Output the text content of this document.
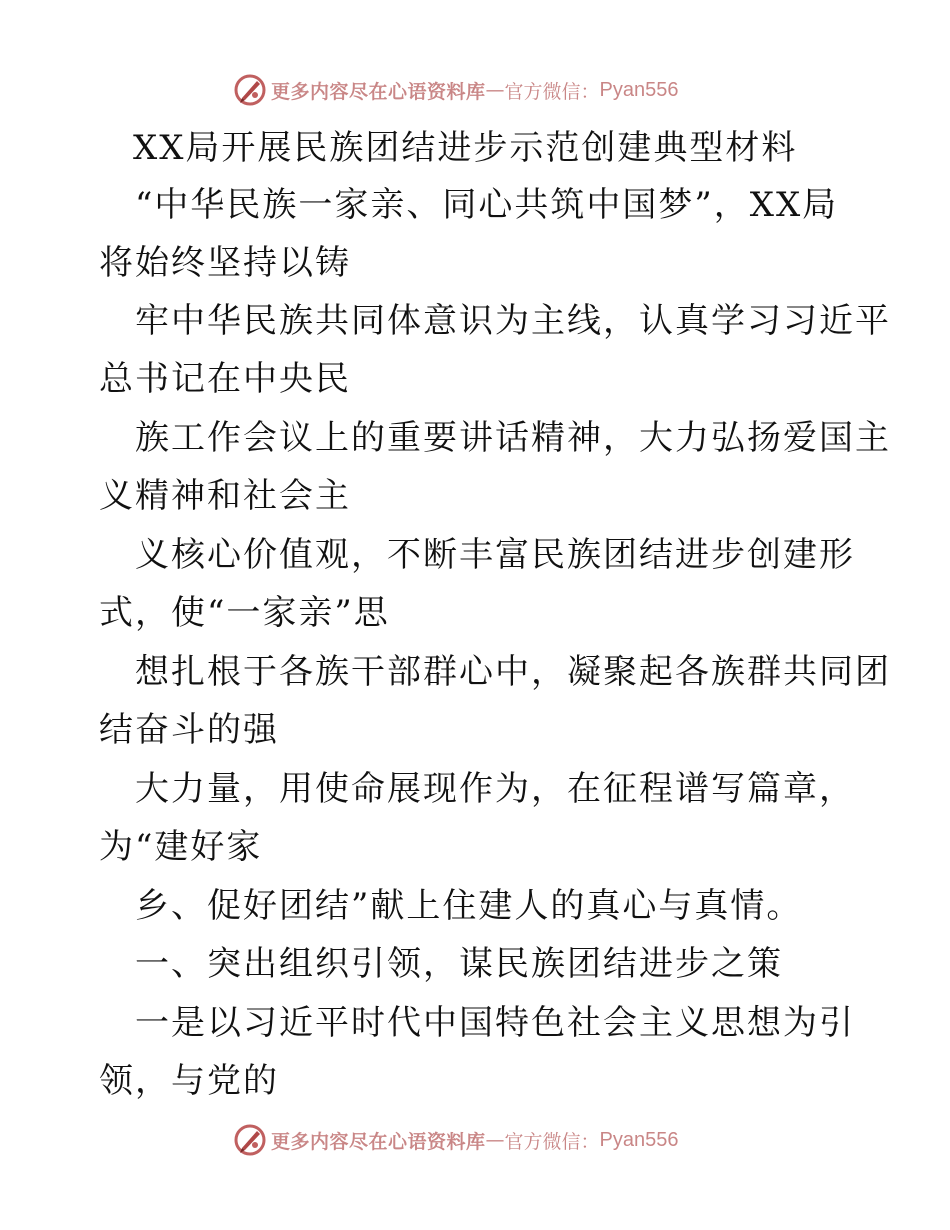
更多内容尽在心语资料库 — 官方微信： Pyan556
XX局开展民族团结进步示范创建典型材料
“中华民族一家亲、同心共筑中国梦”，XX局
将始终坚持以铸
牢中华民族共同体意识为主线，认真学习习近平
总书记在中央民
族工作会议上的重要讲话精神，大力弘扬爱国主
义精神和社会主
义核心价值观，不断丰富民族团结进步创建形
式，使“一家亲”思
想扎根于各族干部群心中，凝聚起各族群共同团
结奋斗的强
大力量，用使命展现作为，在征程谱写篇章，
为“建好家
乡、促好团结”献上住建人的真心与真情。
一、突出组织引领，谋民族团结进步之策
一是以习近平时代中国特色社会主义思想为引
领，与党的
更多内容尽在心语资料库 — 官方微信： Pyan556
